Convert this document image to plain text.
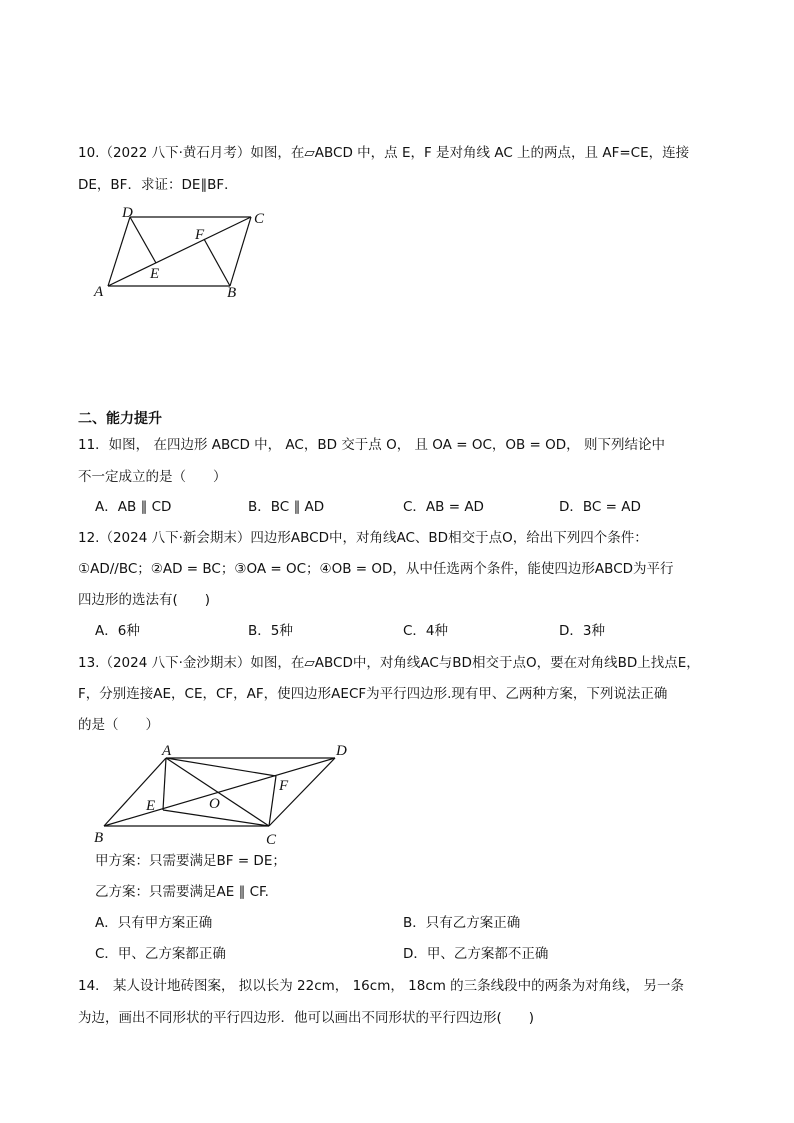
10.（2022 八下·黄石月考）如图，在▱ABCD 中，点 E，F 是对角线 AC 上的两点，且 AF=CE，连接
DE，BF．求证：DE∥BF．
A	B
C
D
E
F
二、能力提升
11．如图， 在四边形 ABCD 中， AC，BD 交于点 O， 且 OA = OC，OB = OD， 则下列结论中
不一定成立的是（　　）
A．AB ∥ CD	B．BC ∥ AD	C．AB = AD	D．BC = AD
12.（2024 八下·新会期末）四边形ABCD中，对角线AC、BD相交于点O，给出下列四个条件：
①AD//BC；②AD = BC；③OA = OC；④OB = OD，从中任选两个条件，能使四边形ABCD为平行
四边形的选法有(　　)
A．6种	B．5种	C．4种	D．3种
13.（2024 八下·金沙期末）如图，在▱ABCD中，对角线AC与BD相交于点O，要在对角线BD上找点E，
F，分别连接AE，CE，CF，AF，使四边形AECF为平行四边形.现有甲、乙两种方案，下列说法正确
的是（　　）
A
B	C
D
E
F
O
甲方案：只需要满足BF = DE；
乙方案：只需要满足AE ∥ CF.
A．只有甲方案正确	B．只有乙方案正确
C．甲、乙方案都正确	D．甲、乙方案都不正确
14． 某人设计地砖图案， 拟以长为 22cm， 16cm， 18cm 的三条线段中的两条为对角线， 另一条
为边，画出不同形状的平行四边形．他可以画出不同形状的平行四边形(　　)
